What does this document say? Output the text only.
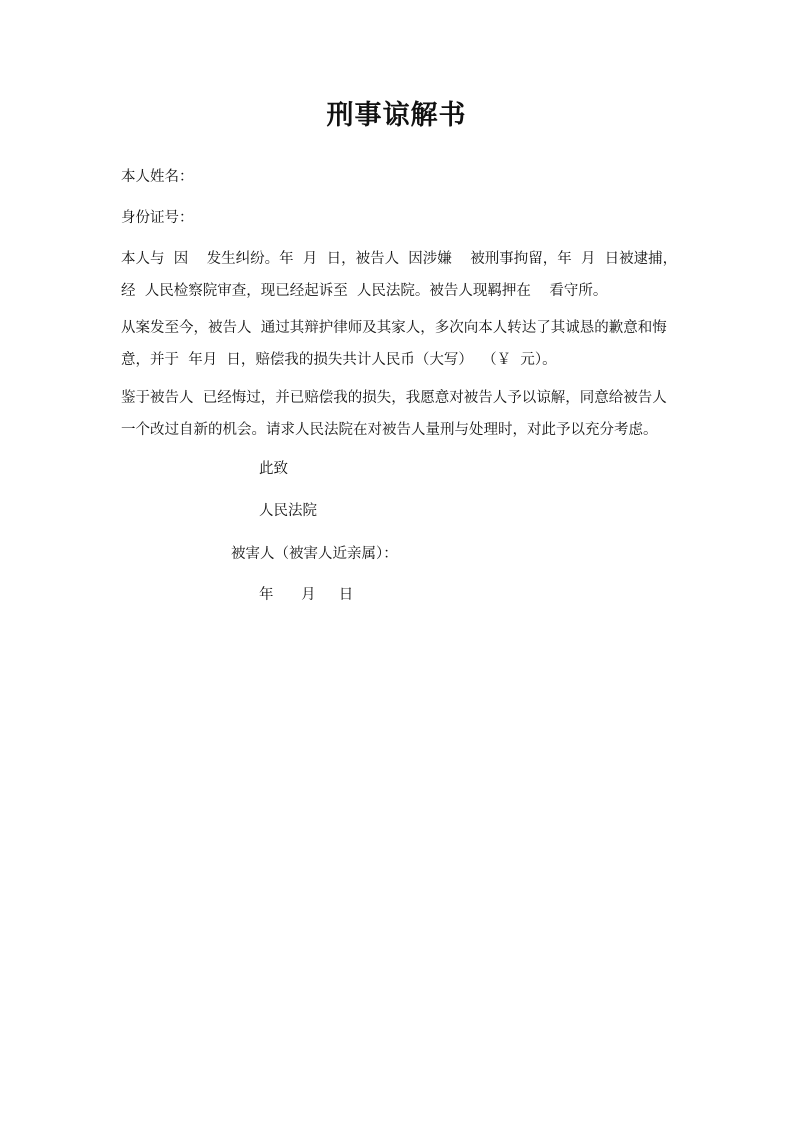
刑事谅解书

本人姓名：

身份证号：

本人与  因    发生纠纷。年  月  日，被告人  因涉嫌    被刑事拘留，年  月  日被逮捕，
经  人民检察院审查，现已经起诉至  人民法院。被告人现羁押在    看守所。
从案发至今，被告人  通过其辩护律师及其家人，多次向本人转达了其诚恳的歉意和悔
意，并于  年月  日，赔偿我的损失共计人民币（大写）  （￥  元）。
鉴于被告人  已经悔过，并已赔偿我的损失，我愿意对被告人予以谅解，同意给被告人
一个改过自新的机会。请求人民法院在对被告人量刑与处理时，对此予以充分考虑。

此致

人民法院

被害人（被害人近亲属）：

年      月     日
